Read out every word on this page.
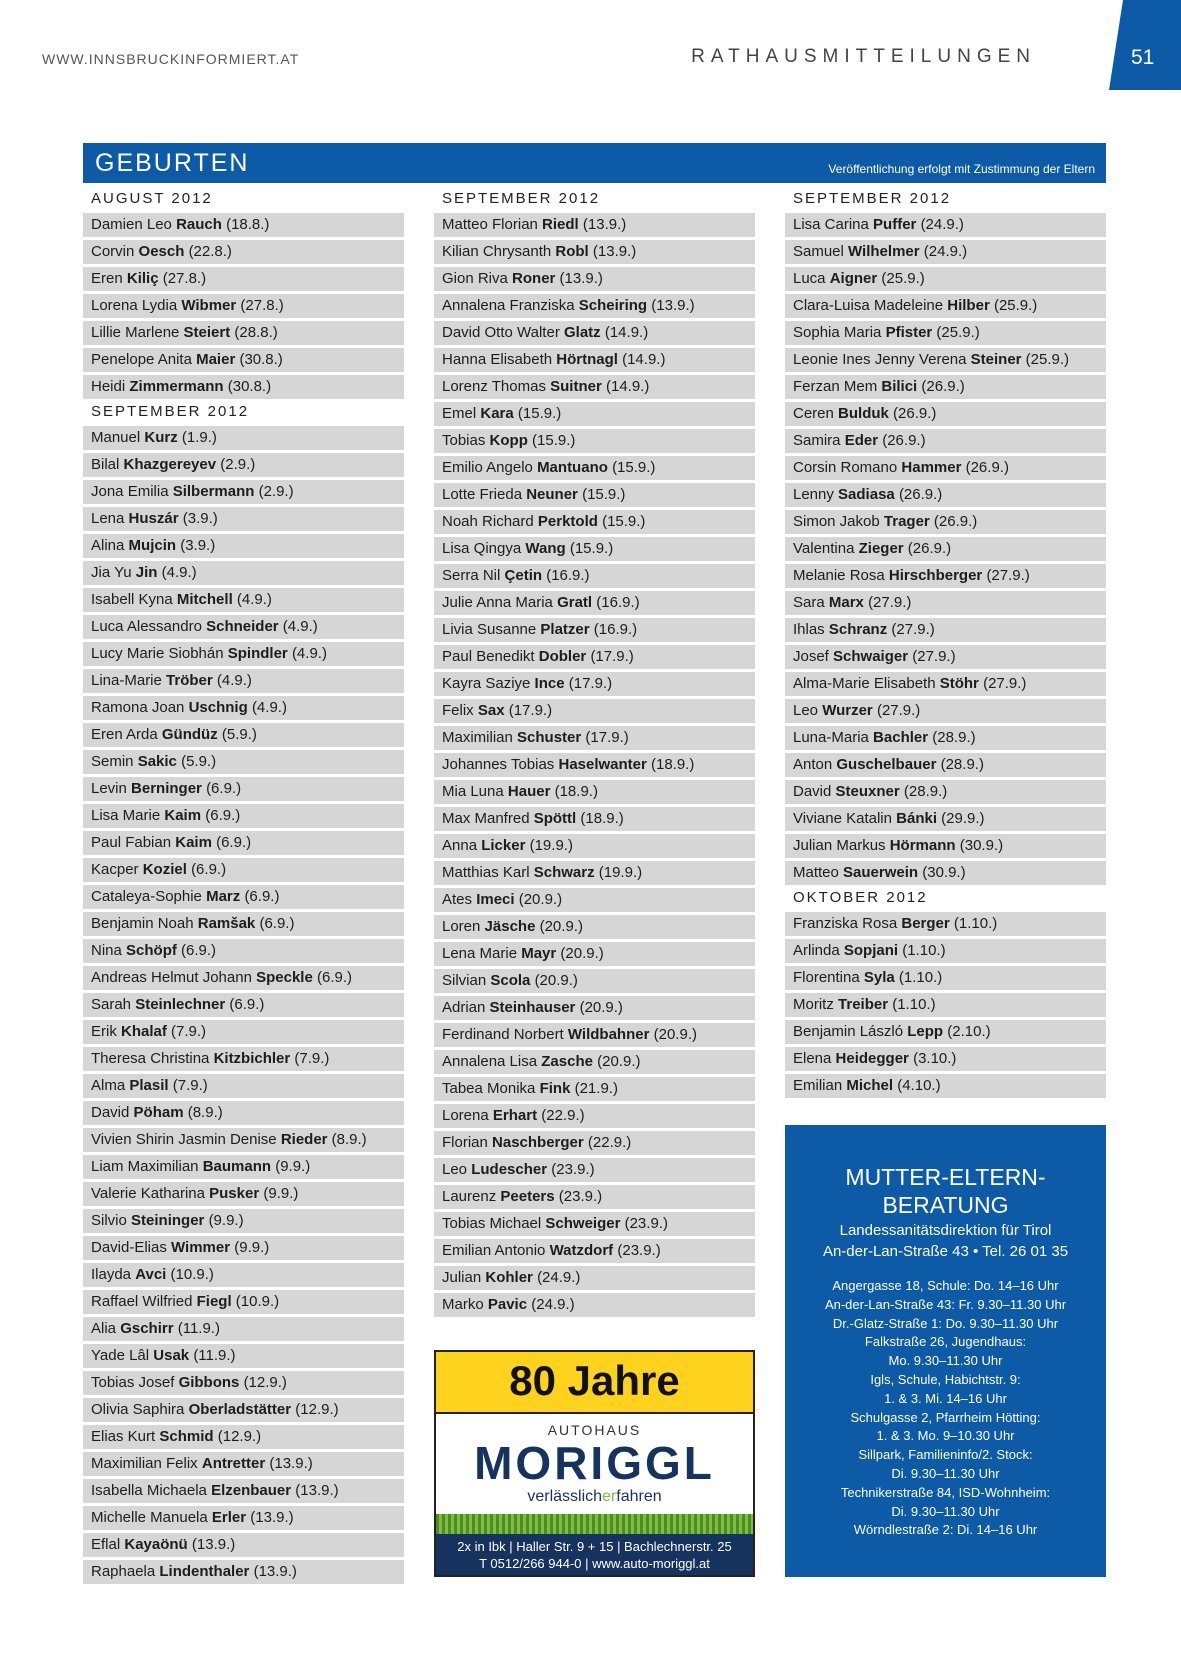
WWW.INNSBRUCKINFORMIERT.AT	RATHAUSMITTEILUNGEN	51
GEBURTEN	Veröffentlichung erfolgt mit Zustimmung der Eltern
AUGUST 2012
Damien Leo Rauch (18.8.)
Corvin Oesch (22.8.)
Eren Kiliç (27.8.)
Lorena Lydia Wibmer (27.8.)
Lillie Marlene Steiert (28.8.)
Penelope Anita Maier (30.8.)
Heidi Zimmermann (30.8.)
SEPTEMBER 2012
Manuel Kurz (1.9.)
Bilal Khazgereyev (2.9.)
Jona Emilia Silbermann (2.9.)
Lena Huszár (3.9.)
Alina Mujcin (3.9.)
Jia Yu Jin (4.9.)
Isabell Kyna Mitchell (4.9.)
Luca Alessandro Schneider (4.9.)
Lucy Marie Siobhán Spindler (4.9.)
Lina-Marie Tröber (4.9.)
Ramona Joan Uschnig (4.9.)
Eren Arda Gündüz (5.9.)
Semin Sakic (5.9.)
Levin Berninger (6.9.)
Lisa Marie Kaim (6.9.)
Paul Fabian Kaim (6.9.)
Kacper Koziel (6.9.)
Cataleya-Sophie Marz (6.9.)
Benjamin Noah Ramšak (6.9.)
Nina Schöpf (6.9.)
Andreas Helmut Johann Speckle (6.9.)
Sarah Steinlechner (6.9.)
Erik Khalaf (7.9.)
Theresa Christina Kitzbichler (7.9.)
Alma Plasil (7.9.)
David Pöham (8.9.)
Vivien Shirin Jasmin Denise Rieder (8.9.)
Liam Maximilian Baumann (9.9.)
Valerie Katharina Pusker (9.9.)
Silvio Steininger (9.9.)
David-Elias Wimmer (9.9.)
Ilayda Avci (10.9.)
Raffael Wilfried Fiegl (10.9.)
Alia Gschirr (11.9.)
Yade Lâl Usak (11.9.)
Tobias Josef Gibbons (12.9.)
Olivia Saphira Oberladstätter (12.9.)
Elias Kurt Schmid (12.9.)
Maximilian Felix Antretter (13.9.)
Isabella Michaela Elzenbauer (13.9.)
Michelle Manuela Erler (13.9.)
Eflal Kayaönü (13.9.)
Raphaela Lindenthaler (13.9.)
SEPTEMBER 2012
Matteo Florian Riedl (13.9.)
Kilian Chrysanth Robl (13.9.)
Gion Riva Roner (13.9.)
Annalena Franziska Scheiring (13.9.)
David Otto Walter Glatz (14.9.)
Hanna Elisabeth Hörtnagl (14.9.)
Lorenz Thomas Suitner (14.9.)
Emel Kara (15.9.)
Tobias Kopp (15.9.)
Emilio Angelo Mantuano (15.9.)
Lotte Frieda Neuner (15.9.)
Noah Richard Perktold (15.9.)
Lisa Qingya Wang (15.9.)
Serra Nil Çetin (16.9.)
Julie Anna Maria Gratl (16.9.)
Livia Susanne Platzer (16.9.)
Paul Benedikt Dobler (17.9.)
Kayra Saziye Ince (17.9.)
Felix Sax (17.9.)
Maximilian Schuster (17.9.)
Johannes Tobias Haselwanter (18.9.)
Mia Luna Hauer (18.9.)
Max Manfred Spöttl (18.9.)
Anna Licker (19.9.)
Matthias Karl Schwarz (19.9.)
Ates Imeci (20.9.)
Loren Jäsche (20.9.)
Lena Marie Mayr (20.9.)
Silvian Scola (20.9.)
Adrian Steinhauser (20.9.)
Ferdinand Norbert Wildbahner (20.9.)
Annalena Lisa Zasche (20.9.)
Tabea Monika Fink (21.9.)
Lorena Erhart (22.9.)
Florian Naschberger (22.9.)
Leo Ludescher (23.9.)
Laurenz Peeters (23.9.)
Tobias Michael Schweiger (23.9.)
Emilian Antonio Watzdorf (23.9.)
Julian Kohler (24.9.)
Marko Pavic (24.9.)
SEPTEMBER 2012
Lisa Carina Puffer (24.9.)
Samuel Wilhelmer (24.9.)
Luca Aigner (25.9.)
Clara-Luisa Madeleine Hilber (25.9.)
Sophia Maria Pfister (25.9.)
Leonie Ines Jenny Verena Steiner (25.9.)
Ferzan Mem Bilici (26.9.)
Ceren Bulduk (26.9.)
Samira Eder (26.9.)
Corsin Romano Hammer (26.9.)
Lenny Sadiasa (26.9.)
Simon Jakob Trager (26.9.)
Valentina Zieger (26.9.)
Melanie Rosa Hirschberger (27.9.)
Sara Marx (27.9.)
Ihlas Schranz (27.9.)
Josef Schwaiger (27.9.)
Alma-Marie Elisabeth Stöhr (27.9.)
Leo Wurzer (27.9.)
Luna-Maria Bachler (28.9.)
Anton Guschelbauer (28.9.)
David Steuxner (28.9.)
Viviane Katalin Bánki (29.9.)
Julian Markus Hörmann (30.9.)
Matteo Sauerwein (30.9.)
OKTOBER 2012
Franziska Rosa Berger (1.10.)
Arlinda Sopjani (1.10.)
Florentina Syla (1.10.)
Moritz Treiber (1.10.)
Benjamin László Lepp (2.10.)
Elena Heidegger (3.10.)
Emilian Michel (4.10.)
80 Jahre
AUTOHAUS
MORIGGL
verlässlicherfahren
2x in Ibk | Haller Str. 9 + 15 | Bachlechnerstr. 25
T 0512/266 944-0 | www.auto-moriggl.at
MUTTER-ELTERN- BERATUNG
Landessanitätsdirektion für Tirol
An-der-Lan-Straße 43 • Tel. 26 01 35
Angergasse 18, Schule: Do. 14–16 Uhr
An-der-Lan-Straße 43: Fr. 9.30–11.30 Uhr
Dr.-Glatz-Straße 1: Do. 9.30–11.30 Uhr
Falkstraße 26, Jugendhaus:
Mo. 9.30–11.30 Uhr
Igls, Schule, Habichtstr. 9:
1. & 3. Mi. 14–16 Uhr
Schulgasse 2, Pfarrheim Hötting:
1. & 3. Mo. 9–10.30 Uhr
Sillpark, Familieninfo/2. Stock:
Di. 9.30–11.30 Uhr
Technikerstraße 84, ISD-Wohnheim:
Di. 9.30–11.30 Uhr
Wörndlestraße 2: Di. 14–16 Uhr
